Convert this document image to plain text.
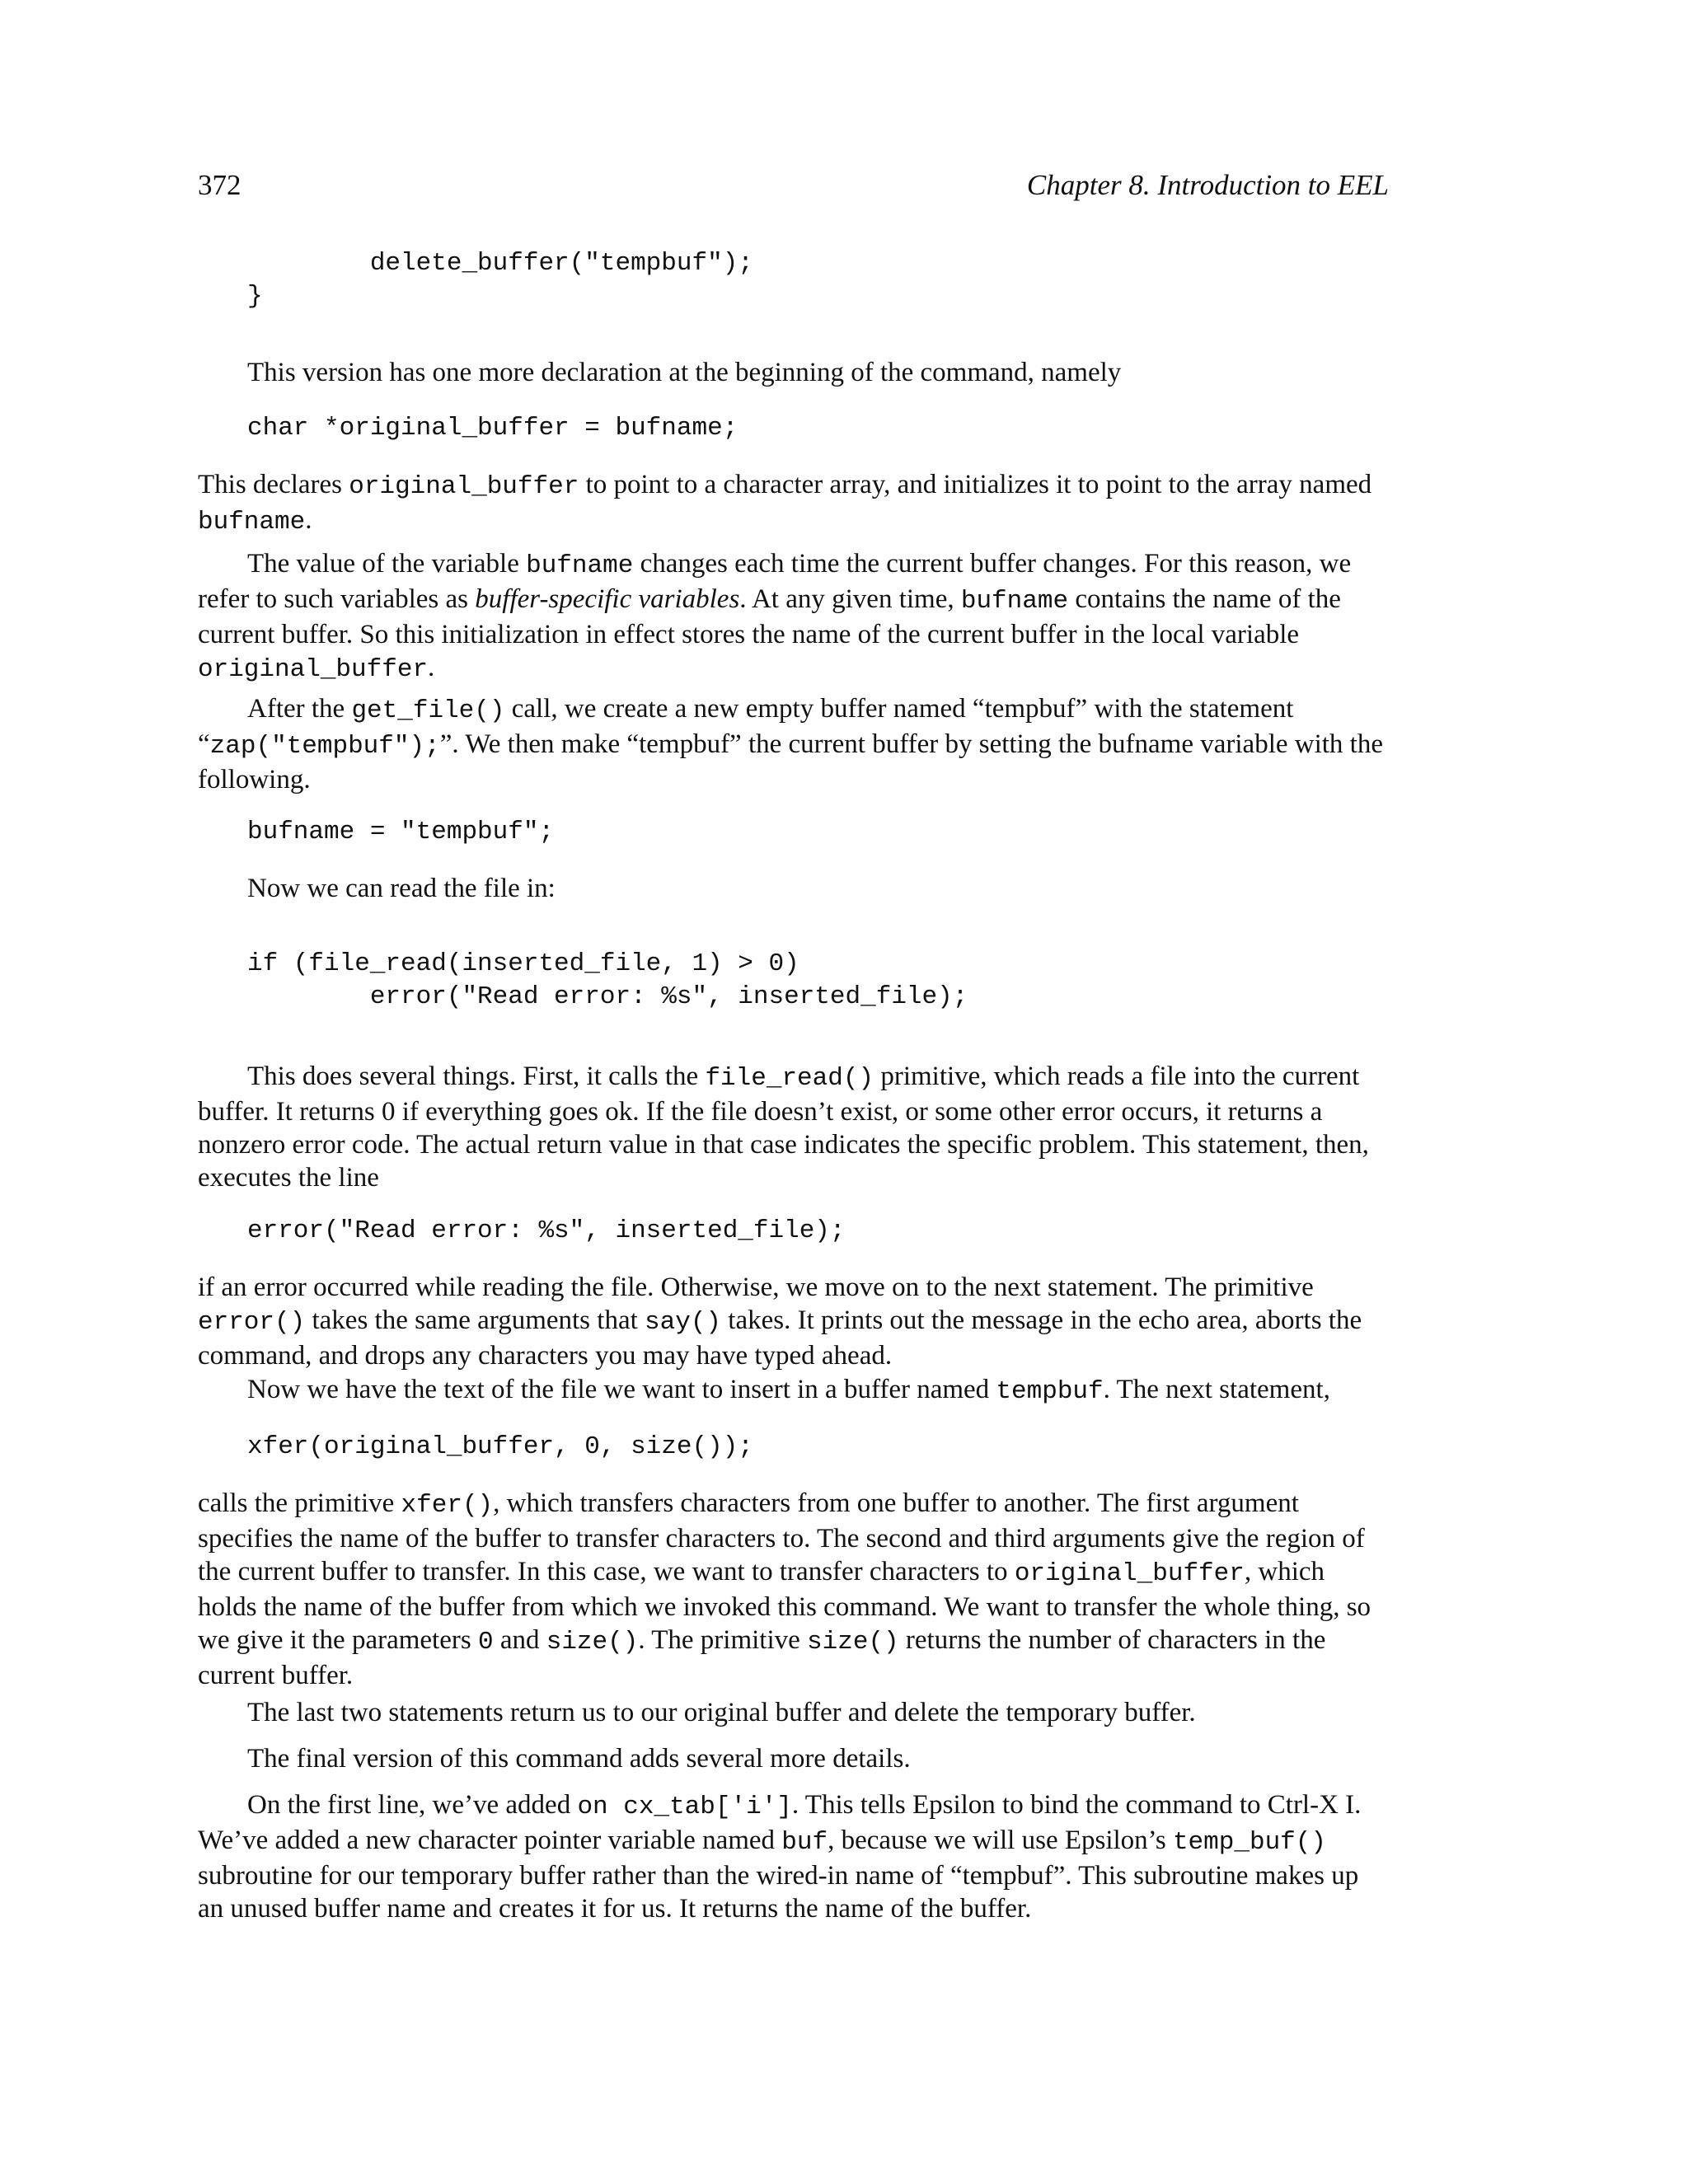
372	Chapter 8. Introduction to EEL
delete_buffer("tempbuf");
}
This version has one more declaration at the beginning of the command, namely
char *original_buffer = bufname;
This declares original_buffer to point to a character array, and initializes it to point to the array named bufname.
The value of the variable bufname changes each time the current buffer changes. For this reason, we refer to such variables as buffer-specific variables. At any given time, bufname contains the name of the current buffer. So this initialization in effect stores the name of the current buffer in the local variable original_buffer.
After the get_file() call, we create a new empty buffer named “tempbuf” with the statement “zap("tempbuf");”. We then make “tempbuf” the current buffer by setting the bufname variable with the following.
bufname = "tempbuf";
Now we can read the file in:
if (file_read(inserted_file, 1) > 0)
error("Read error: %s", inserted_file);
This does several things. First, it calls the file_read() primitive, which reads a file into the current buffer. It returns 0 if everything goes ok. If the file doesn’t exist, or some other error occurs, it returns a nonzero error code. The actual return value in that case indicates the specific problem. This statement, then, executes the line
error("Read error: %s", inserted_file);
if an error occurred while reading the file. Otherwise, we move on to the next statement. The primitive error() takes the same arguments that say() takes. It prints out the message in the echo area, aborts the command, and drops any characters you may have typed ahead.
Now we have the text of the file we want to insert in a buffer named tempbuf. The next statement,
xfer(original_buffer, 0, size());
calls the primitive xfer(), which transfers characters from one buffer to another. The first argument specifies the name of the buffer to transfer characters to. The second and third arguments give the region of the current buffer to transfer. In this case, we want to transfer characters to original_buffer, which holds the name of the buffer from which we invoked this command. We want to transfer the whole thing, so we give it the parameters 0 and size(). The primitive size() returns the number of characters in the current buffer.
The last two statements return us to our original buffer and delete the temporary buffer.
The final version of this command adds several more details.
On the first line, we’ve added on cx_tab['i']. This tells Epsilon to bind the command to Ctrl-X I. We’ve added a new character pointer variable named buf, because we will use Epsilon’s temp_buf() subroutine for our temporary buffer rather than the wired-in name of “tempbuf”. This subroutine makes up an unused buffer name and creates it for us. It returns the name of the buffer.
